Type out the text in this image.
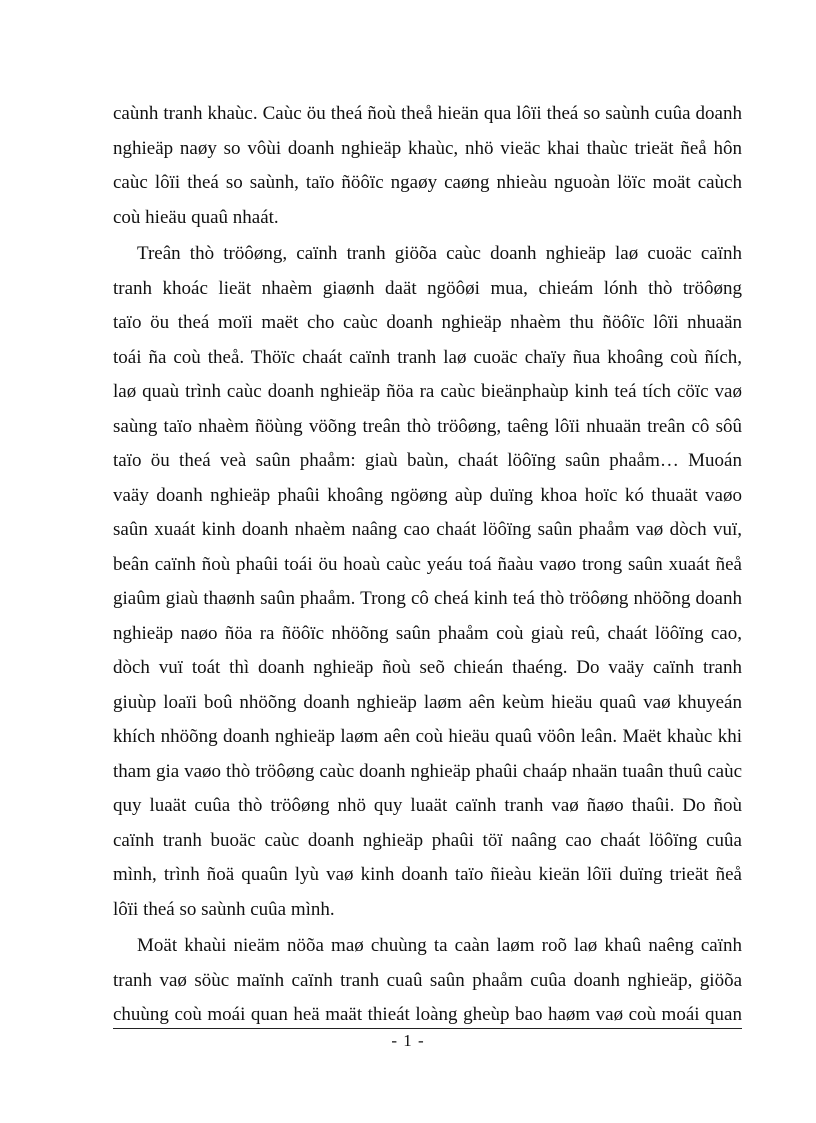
caùnh tranh khaùc. Caùc öu theá ñoù theå hieän qua lôïi theá so saùnh cuûa doanh
nghieäp naøy so vôùi doanh nghieäp khaùc, nhö vieäc khai thaùc trieät ñeå hôn
caùc lôïi theá so saùnh, taïo ñöôïc ngaøy caøng nhieàu nguoàn löïc moät caùch
coù hieäu quaû nhaát.
Treân thò tröôøng, caïnh tranh giöõa caùc doanh nghieäp laø cuoäc caïnh
tranh khoác lieät nhaèm giaønh daät ngöôøi mua, chieám lónh thò tröôøng
taïo öu theá moïi maët cho caùc doanh nghieäp nhaèm thu ñöôïc lôïi nhuaän
toái ña coù theå. Thöïc chaát caïnh tranh laø cuoäc chaïy ñua khoâng coù ñích,
laø quaù trình caùc doanh nghieäp ñöa ra caùc bieänphaùp kinh teá tích cöïc vaø
saùng taïo nhaèm ñöùng vöõng treân thò tröôøng, taêng lôïi nhuaän treân cô sôû
taïo öu theá veà saûn phaåm: giaù baùn, chaát löôïng saûn phaåm… Muoán
vaäy doanh nghieäp phaûi khoâng ngöøng aùp duïng khoa hoïc kó thuaät vaøo
saûn xuaát kinh doanh nhaèm naâng cao chaát löôïng saûn phaåm vaø dòch vuï,
beân caïnh ñoù phaûi toái öu hoaù caùc yeáu toá ñaàu vaøo trong saûn xuaát ñeå
giaûm giaù thaønh saûn phaåm. Trong cô cheá kinh teá thò tröôøng nhöõng doanh
nghieäp naøo ñöa ra ñöôïc nhöõng saûn phaåm coù giaù reû, chaát löôïng cao,
dòch vuï toát thì doanh nghieäp ñoù seõ chieán thaéng. Do vaäy caïnh tranh
giuùp loaïi boû nhöõng doanh nghieäp laøm aên keùm hieäu quaû vaø khuyeán
khích nhöõng doanh nghieäp laøm aên coù hieäu quaû vöôn leân. Maët khaùc khi
tham gia vaøo thò tröôøng caùc doanh nghieäp phaûi chaáp nhaän tuaân thuû caùc
quy luaät cuûa thò tröôøng nhö quy luaät caïnh tranh vaø ñaøo thaûi. Do ñoù
caïnh tranh buoäc caùc doanh nghieäp phaûi töï naâng cao chaát löôïng cuûa
mình, trình ñoä quaûn lyù vaø kinh doanh taïo ñieàu kieän lôïi duïng trieät ñeå
lôïi theá so saùnh cuûa mình.
Moät khaùi nieäm nöõa maø chuùng ta caàn laøm roõ laø khaû naêng caïnh
tranh vaø söùc maïnh caïnh tranh cuaû saûn phaåm cuûa doanh nghieäp, giöõa
chuùng coù moái quan heä maät thieát loàng gheùp bao haøm vaø coù moái quan
- 1 -
